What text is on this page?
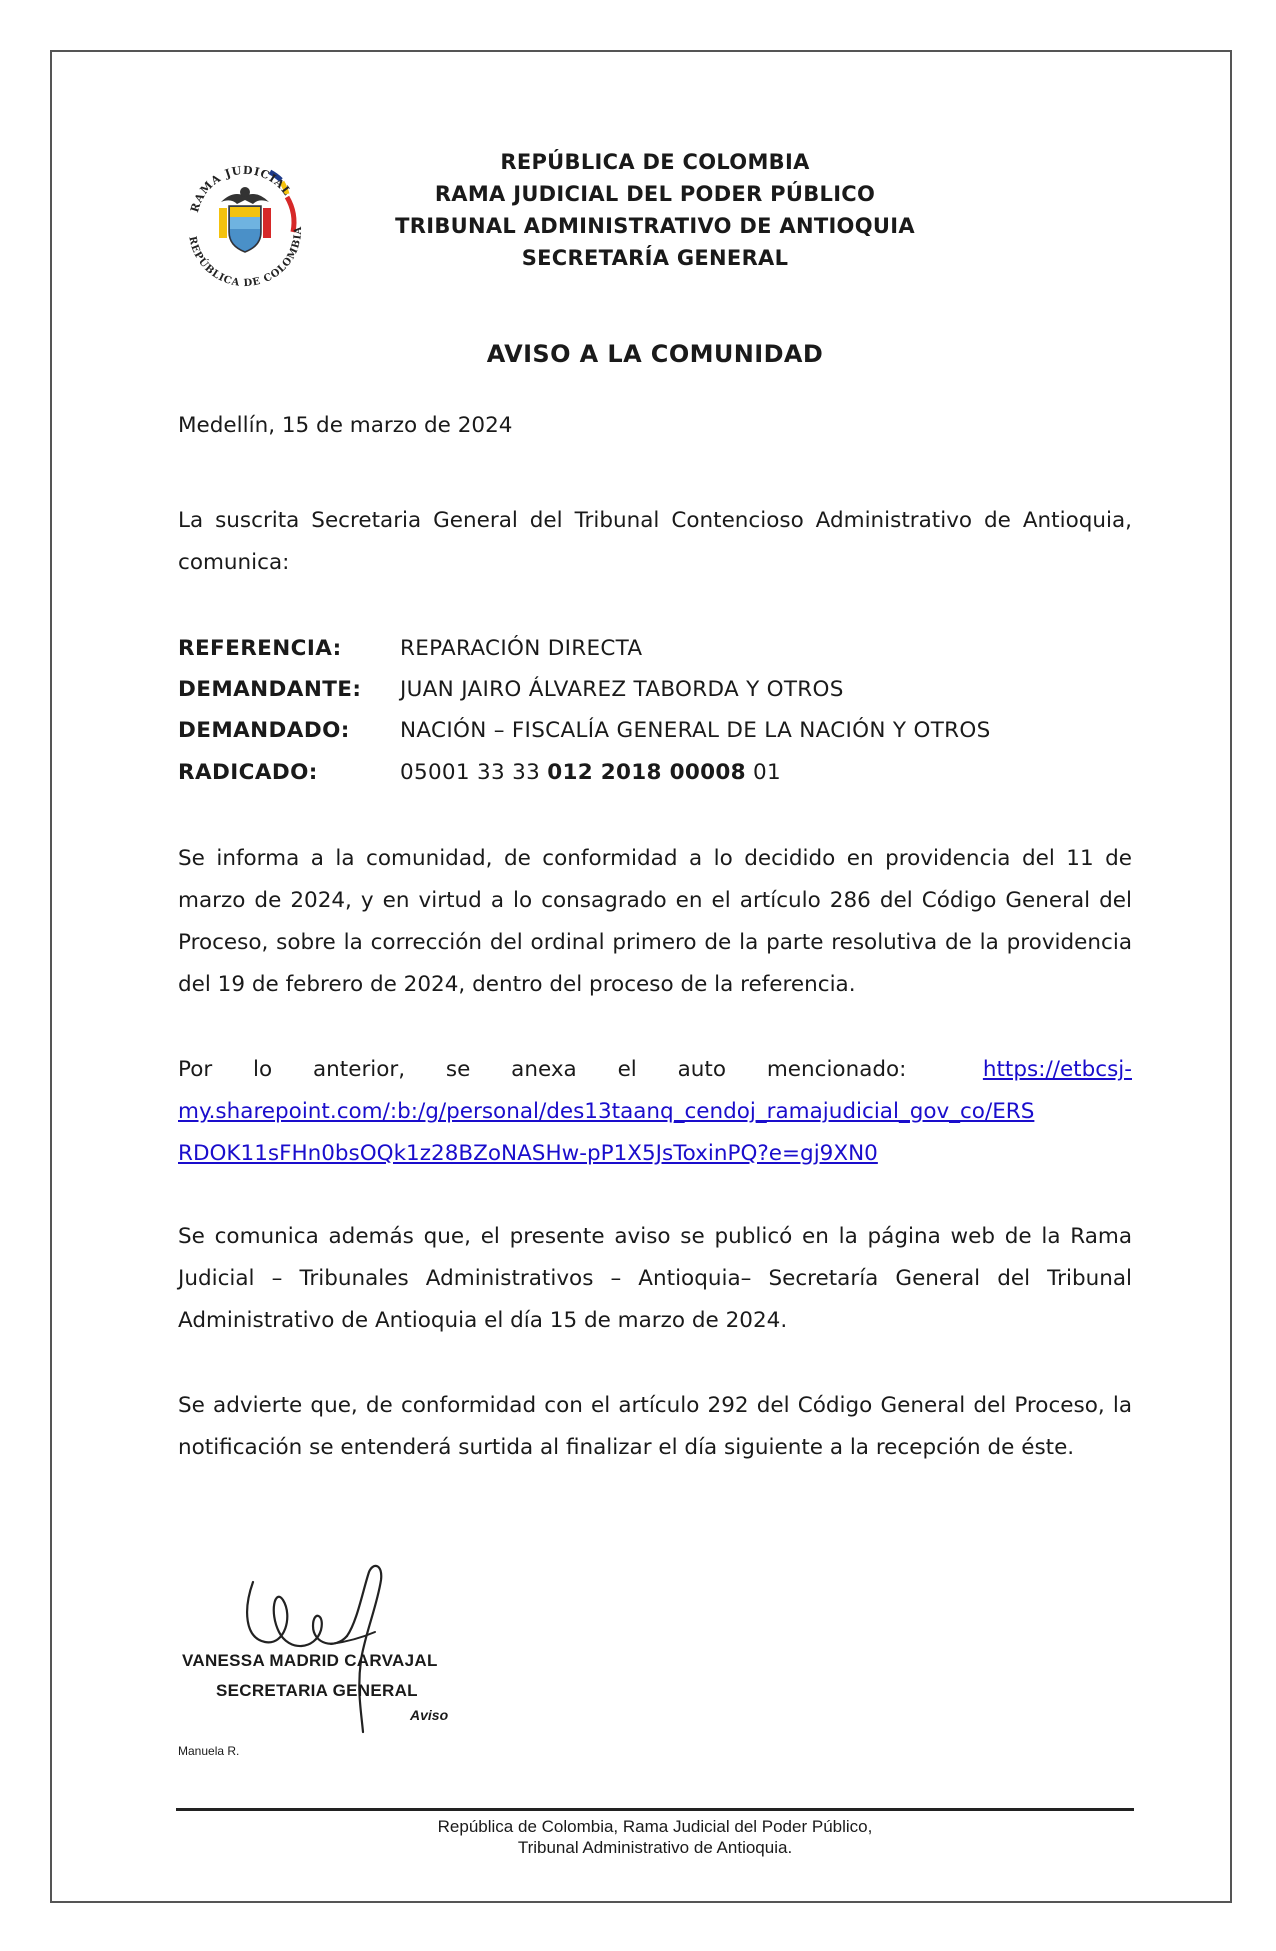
RAMA JUDICIAL
REPÚBLICA DE COLOMBIA
REPÚBLICA DE COLOMBIA
RAMA JUDICIAL DEL PODER PÚBLICO
TRIBUNAL ADMINISTRATIVO DE ANTIOQUIA
SECRETARÍA GENERAL
AVISO A LA COMUNIDAD
Medellín, 15 de marzo de 2024
La suscrita Secretaria General del Tribunal Contencioso Administrativo de Antioquia, comunica:
REFERENCIA:	REPARACIÓN DIRECTA
DEMANDANTE: JUAN JAIRO ÁLVAREZ TABORDA Y OTROS
DEMANDADO: NACIÓN – FISCALÍA GENERAL DE LA NACIÓN Y OTROS
RADICADO:	05001 33 33 012 2018 00008 01
Se informa a la comunidad, de conformidad a lo decidido en providencia del 11 de marzo de 2024, y en virtud a lo consagrado en el artículo 286 del Código General del Proceso, sobre la corrección del ordinal primero de la parte resolutiva de la providencia del 19 de febrero de 2024, dentro del proceso de la referencia.
Por lo anterior, se anexa el auto mencionado:	https://etbcsj-
my.sharepoint.com/:b:/g/personal/des13taanq_cendoj_ramajudicial_gov_co/ERS
RDOK11sFHn0bsOQk1z28BZoNASHw-pP1X5JsToxinPQ?e=gj9XN0
Se comunica además que, el presente aviso se publicó en la página web de la Rama Judicial – Tribunales Administrativos – Antioquia– Secretaría General del Tribunal Administrativo de Antioquia el día 15 de marzo de 2024.
Se advierte que, de conformidad con el artículo 292 del Código General del Proceso, la notificación se entenderá surtida al finalizar el día siguiente a la recepción de éste.
VANESSA MADRID CARVAJAL
SECRETARIA GENERAL
Aviso
Manuela R.
República de Colombia, Rama Judicial del Poder Público,
Tribunal Administrativo de Antioquia.
